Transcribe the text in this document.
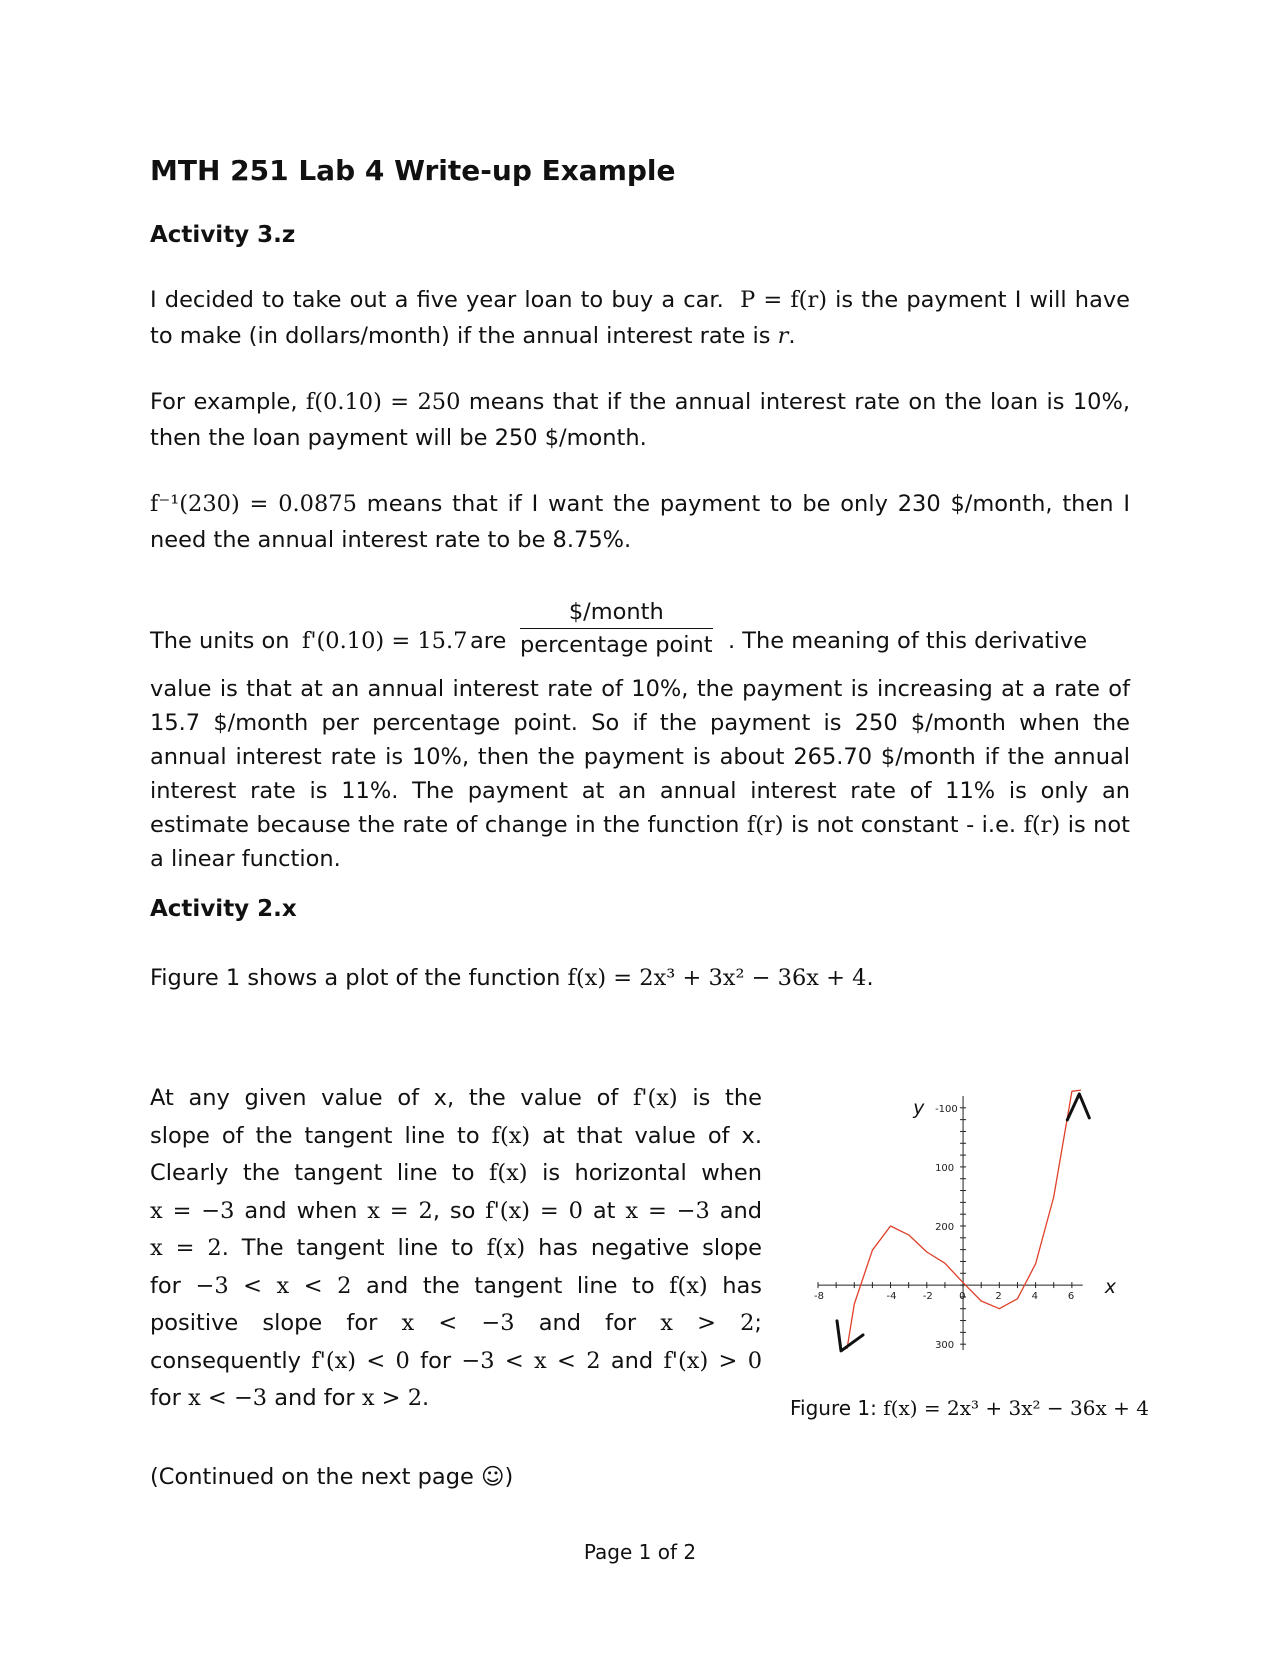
MTH 251 Lab 4 Write-up Example
Activity 3.z

I decided to take out a five year loan to buy a car. P = f(r) is the payment I will have to make (in dollars/month) if the annual interest rate is r.

For example, f(0.10) = 250 means that if the annual interest rate on the loan is 10%, then the loan payment will be 250 $/month.

f⁻¹(230) = 0.0875 means that if I want the payment to be only 230 $/month, then I need the annual interest rate to be 8.75%.

The units on f'(0.10) = 15.7 are $\frac{\text{\$/month}}{\text{percentage point}}$ . The meaning of this derivative

value is that at an annual interest rate of 10%, the payment is increasing at a rate of 15.7 $/month per percentage point. So if the payment is 250 $/month when the annual interest rate is 10%, then the payment is about 265.70 $/month if the annual interest rate is 11%. The payment at an annual interest rate of 11% is only an estimate because the rate of change in the function f(r) is not constant - i.e. f(r) is not a linear function.

Activity 2.x

Figure 1 shows a plot of the function f(x) = 2x³ + 3x² − 36x + 4.

At any given value of x, the value of f'(x) is the

slope of the tangent line to f(x) at that value of x.

Clearly the tangent line to f(x) is horizontal when

x = −3 and when x = 2, so f'(x) = 0 at x = −3 and

x = 2. The tangent line to f(x) has negative slope

for −3 < x < 2 and the tangent line to f(x) has

positive slope for x < −3 and for x > 2;

consequently f'(x) < 0 for −3 < x < 2 and f'(x) > 0

for x < −3 and for x > 2.

-8	-4	-2	0	2	4	6
300
200
100
-100
y
x
Figure 1: f(x) = 2x³ + 3x² − 36x + 4
(Continued on the next page ☺)
Page 1 of 2
